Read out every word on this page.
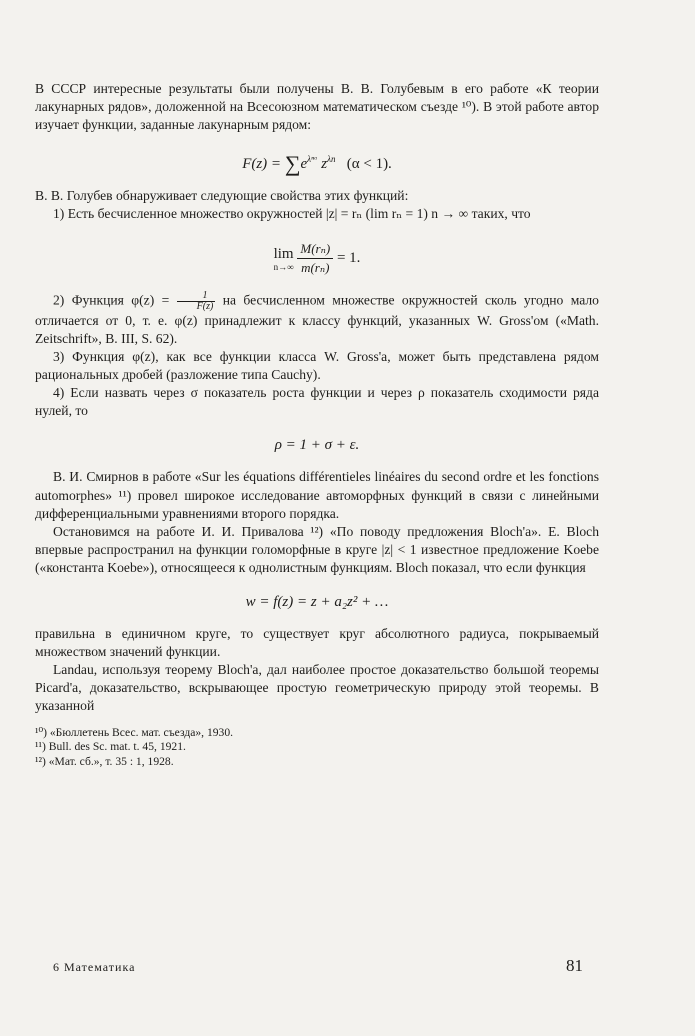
В СССР интересные результаты были получены В. В. Голубевым в его работе «К теории лакунарных рядов», доложенной на Всесоюзном математическом съезде ¹⁰). В этой работе автор изучает функции, заданные лакунарным рядом:

$F(z) = \sum e^{\lambda^nᵅ}$ $z^{\lambda n}$ (α < 1).

В. В. Голубев обнаруживает следующие свойства этих функций:

1) Есть бесчисленное множество окружностей |z| = rₙ (lim rₙ = 1) n → ∞ таких, что

lim
n→∞
$\frac{\text{M(rₙ)}}{\text{m(rₙ)}} = 1$.

2) Функция $\varphi(z) = \frac{1}{F(z)}$ на бесчисленном множестве окружностей сколь угодно мало отличается от 0, т. е. φ(z) принадлежит к классу функций, указанных W. Gross'ом («Math. Zeitschrift», B. III, S. 62).

3) Функция φ(z), как все функции класса W. Gross'а, может быть представлена рядом рациональных дробей (разложение типа Cauchy).

4) Если назвать через σ показатель роста функции и через ρ показатель сходимости ряда нулей, то

ρ = 1 + σ + ε.

В. И. Смирнов в работе «Sur les équations différentieles linéaires du second ordre et les fonctions automorphes» ¹¹) провел широкое исследование автоморфных функций в связи с линейными дифференциальными уравнениями второго порядка.

Остановимся на работе И. И. Привалова ¹²) «По поводу предложения Bloch'а». E. Bloch впервые распространил на функции голоморфные в круге |z| < 1 известное предложение Koebe («константа Koebe»), относящееся к однолистным функциям. Bloch показал, что если функция

w = f(z) = z + a₂z² + …

правильна в единичном круге, то существует круг абсолютного радиуса, покрываемый множеством значений функции.

Landau, используя теорему Bloch'а, дал наиболее простое доказательство большой теоремы Picard'а, доказательство, вскрывающее простую геометрическую природу этой теоремы. В указанной

¹⁰) «Бюллетень Всес. мат. съезда», 1930.

¹¹) Bull. des Sc. mat. t. 45, 1921.

¹²) «Мат. сб.», т. 35 : 1, 1928.

6 Математика	81
